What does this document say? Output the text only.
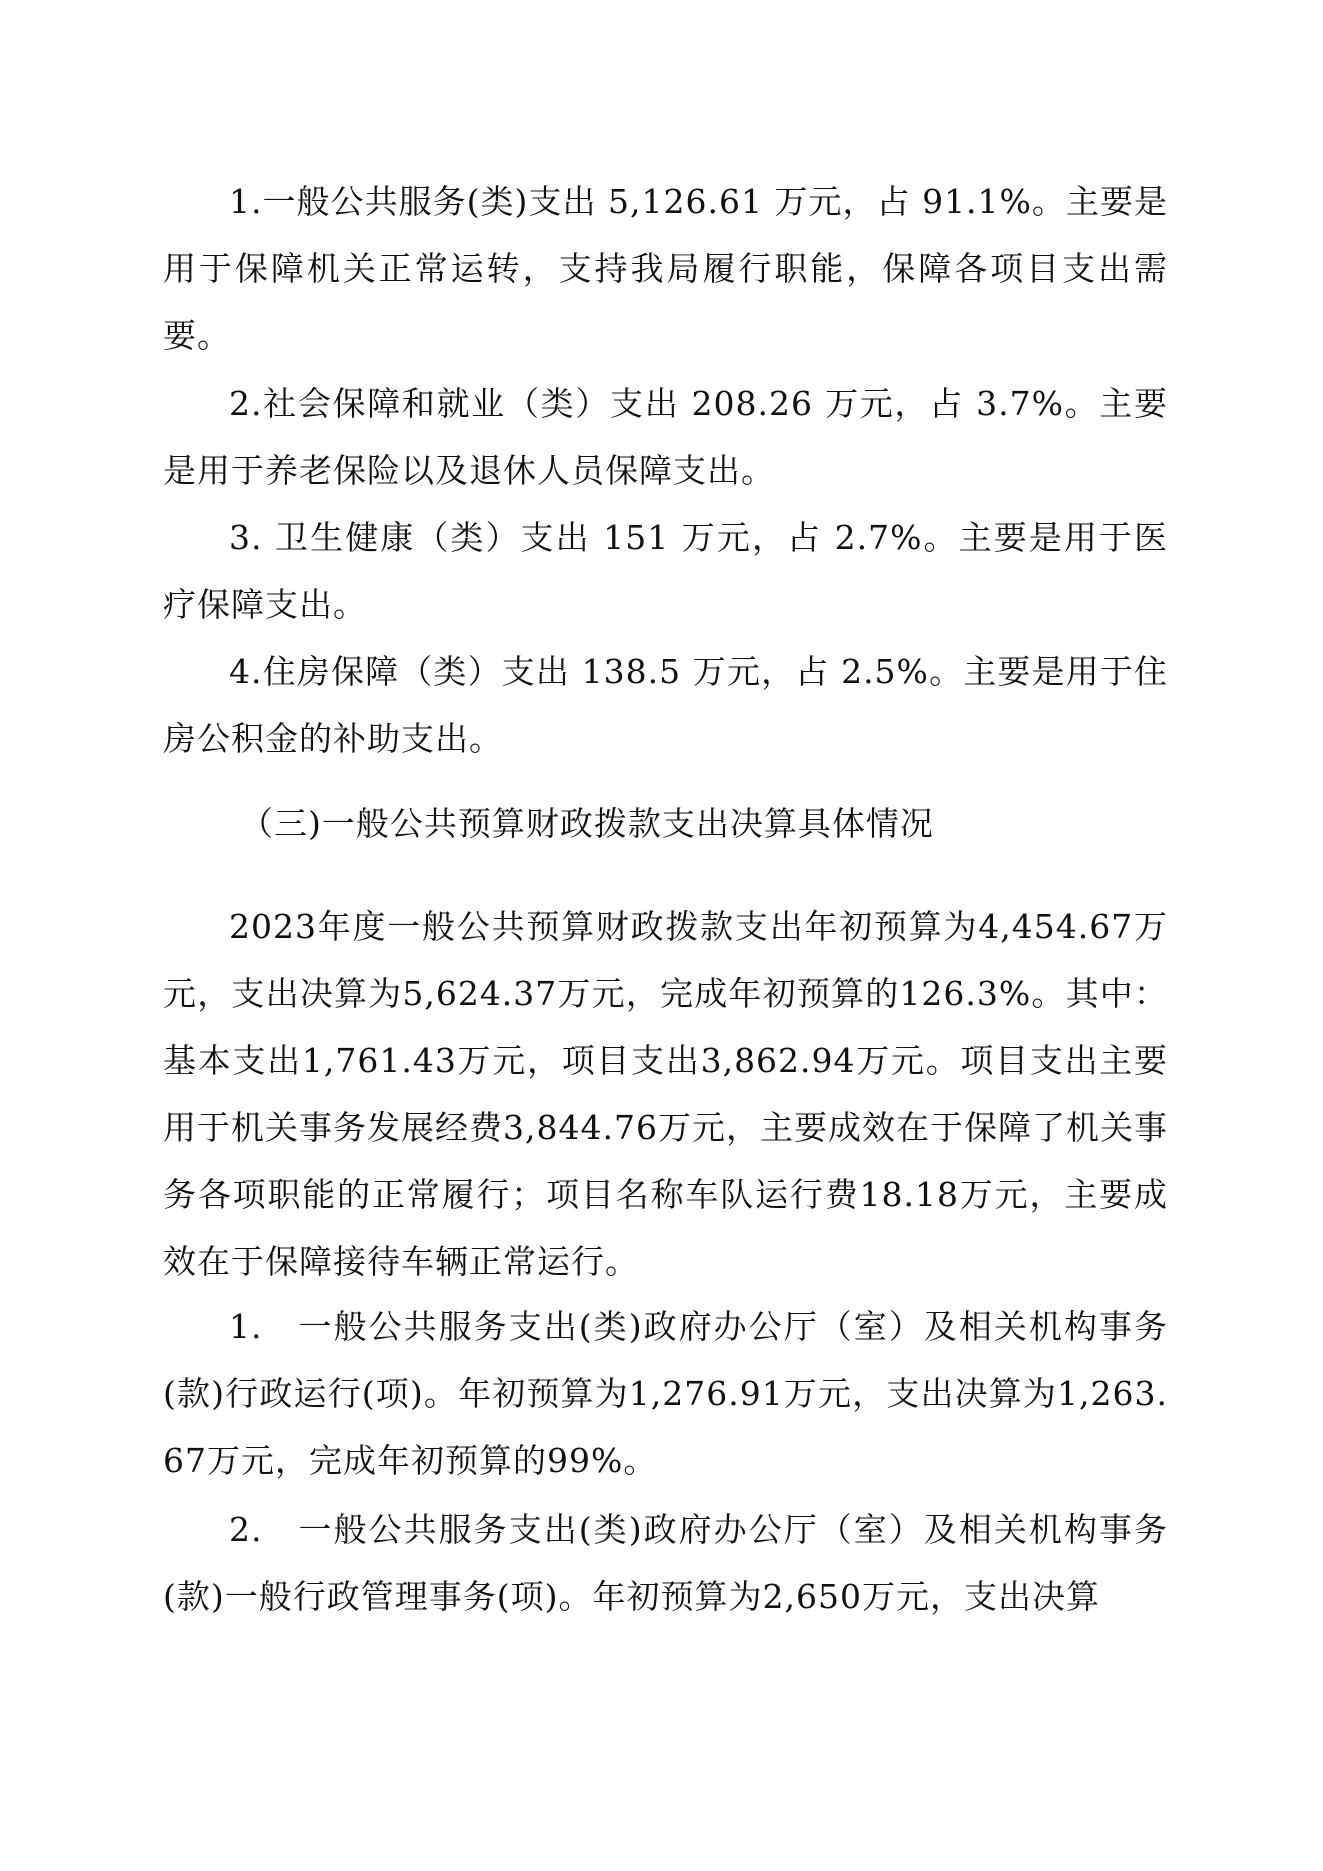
1.一般公共服务(类)支出 5,126.61 万元，占 91.1%。主要是用于保障机关正常运转，支持我局履行职能，保障各项目支出需要。

2.社会保障和就业（类）支出 208.26 万元，占 3.7%。主要是用于养老保险以及退休人员保障支出。

3. 卫生健康（类）支出 151 万元，占 2.7%。主要是用于医疗保障支出。

4.住房保障（类）支出 138.5 万元，占 2.5%。主要是用于住房公积金的补助支出。

（三)一般公共预算财政拨款支出决算具体情况

2023年度一般公共预算财政拨款支出年初预算为4,454.67万元，支出决算为5,624.37万元，完成年初预算的126.3%。其中：基本支出1,761.43万元，项目支出3,862.94万元。项目支出主要用于机关事务发展经费3,844.76万元，主要成效在于保障了机关事务各项职能的正常履行；项目名称车队运行费18.18万元，主要成效在于保障接待车辆正常运行。

1.　一般公共服务支出(类)政府办公厅（室）及相关机构事务(款)行政运行(项)。年初预算为1,276.91万元，支出决算为1,263.67万元，完成年初预算的99%。

2.　一般公共服务支出(类)政府办公厅（室）及相关机构事务(款)一般行政管理事务(项)。年初预算为2,650万元，支出决算
